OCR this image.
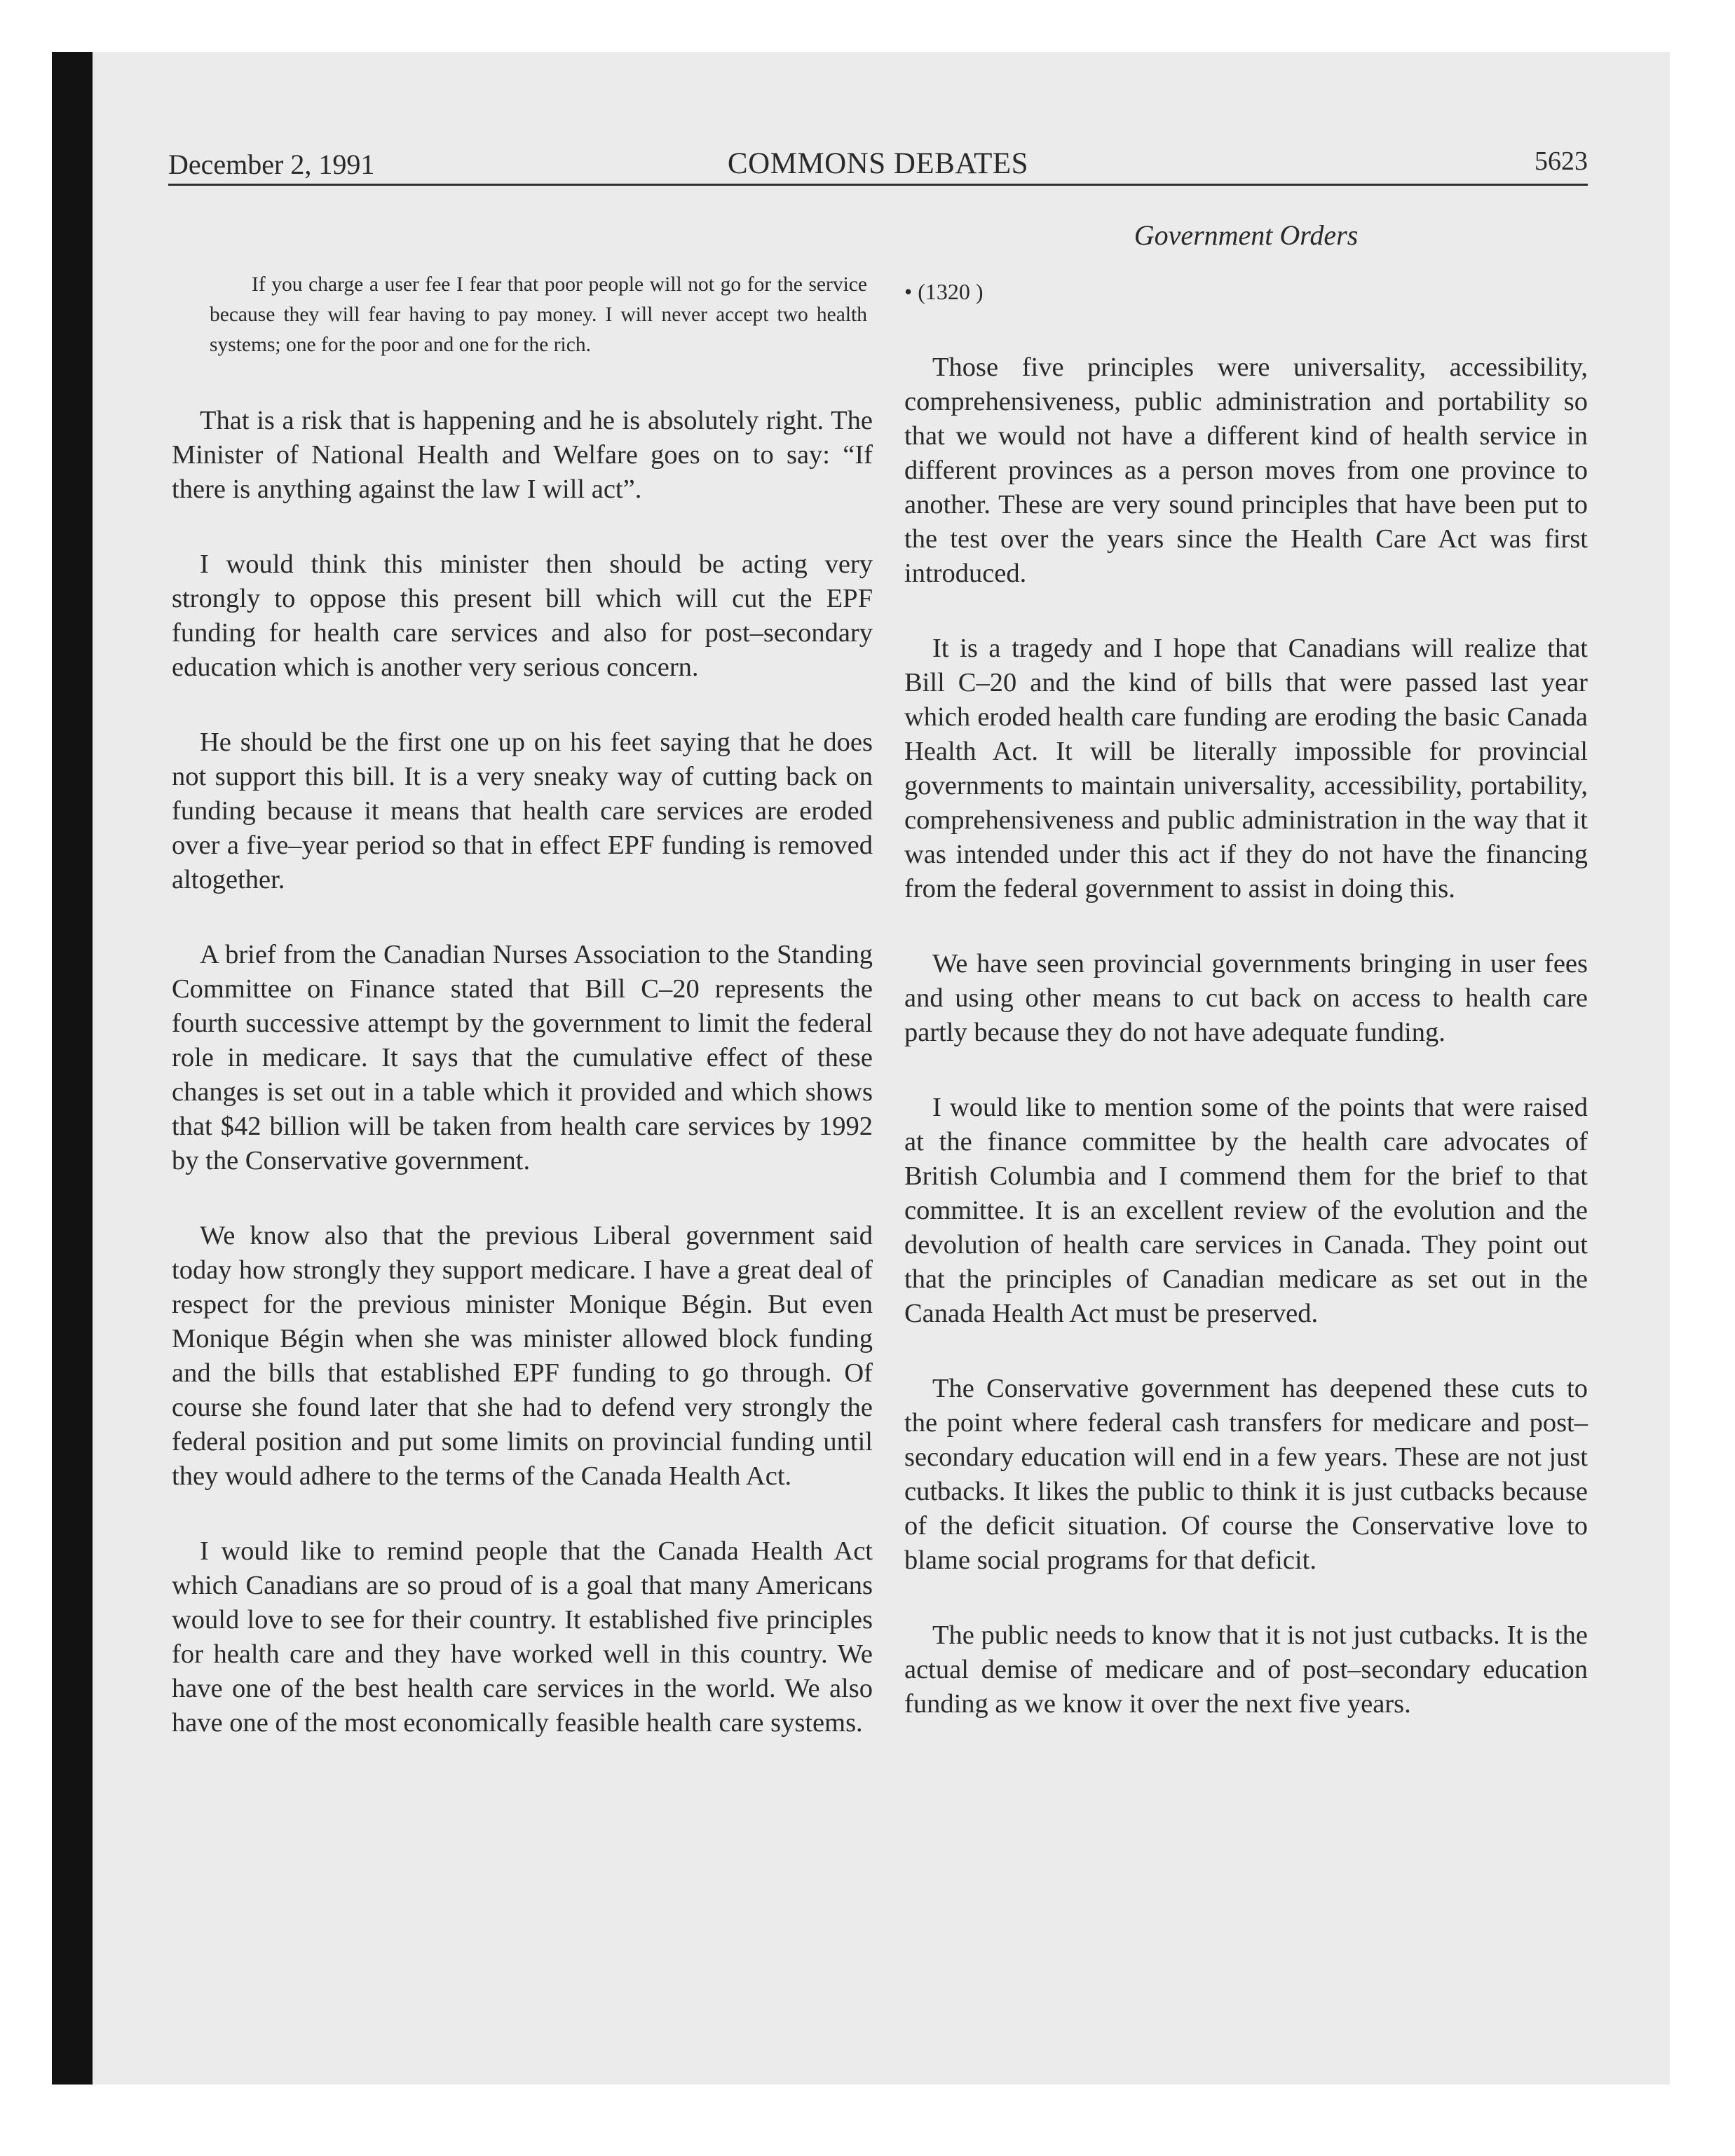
December 2, 1991	COMMONS DEBATES	5623
Government Orders

If you charge a user fee I fear that poor people will not go for the service because they will fear having to pay money. I will never accept two health systems; one for the poor and one for the rich.

That is a risk that is happening and he is absolutely right. The Minister of National Health and Welfare goes on to say: “If there is anything against the law I will act”.

I would think this minister then should be acting very strongly to oppose this present bill which will cut the EPF funding for health care services and also for post–secondary education which is another very serious concern.

He should be the first one up on his feet saying that he does not support this bill. It is a very sneaky way of cutting back on funding because it means that health care services are eroded over a five–year period so that in effect EPF funding is removed altogether.

A brief from the Canadian Nurses Association to the Standing Committee on Finance stated that Bill C–20 represents the fourth successive attempt by the government to limit the federal role in medicare. It says that the cumulative effect of these changes is set out in a table which it provided and which shows that $42 billion will be taken from health care services by 1992 by the Conservative government.

We know also that the previous Liberal government said today how strongly they support medicare. I have a great deal of respect for the previous minister Monique Bégin. But even Monique Bégin when she was minister allowed block funding and the bills that established EPF funding to go through. Of course she found later that she had to defend very strongly the federal position and put some limits on provincial funding until they would adhere to the terms of the Canada Health Act.

I would like to remind people that the Canada Health Act which Canadians are so proud of is a goal that many Americans would love to see for their country. It established five principles for health care and they have worked well in this country. We have one of the best health care services in the world. We also have one of the most economically feasible health care systems.

• (1320 )

Those five principles were universality, accessibility, comprehensiveness, public administration and portability so that we would not have a different kind of health service in different provinces as a person moves from one province to another. These are very sound principles that have been put to the test over the years since the Health Care Act was first introduced.

It is a tragedy and I hope that Canadians will realize that Bill C–20 and the kind of bills that were passed last year which eroded health care funding are eroding the basic Canada Health Act. It will be literally impossible for provincial governments to maintain universality, accessibility, portability, comprehensiveness and public administration in the way that it was intended under this act if they do not have the financing from the federal government to assist in doing this.

We have seen provincial governments bringing in user fees and using other means to cut back on access to health care partly because they do not have adequate funding.

I would like to mention some of the points that were raised at the finance committee by the health care advocates of British Columbia and I commend them for the brief to that committee. It is an excellent review of the evolution and the devolution of health care services in Canada. They point out that the principles of Canadian medicare as set out in the Canada Health Act must be preserved.

The Conservative government has deepened these cuts to the point where federal cash transfers for medicare and post–secondary education will end in a few years. These are not just cutbacks. It likes the public to think it is just cutbacks because of the deficit situation. Of course the Conservative love to blame social programs for that deficit.

The public needs to know that it is not just cutbacks. It is the actual demise of medicare and of post–secondary education funding as we know it over the next five years.
